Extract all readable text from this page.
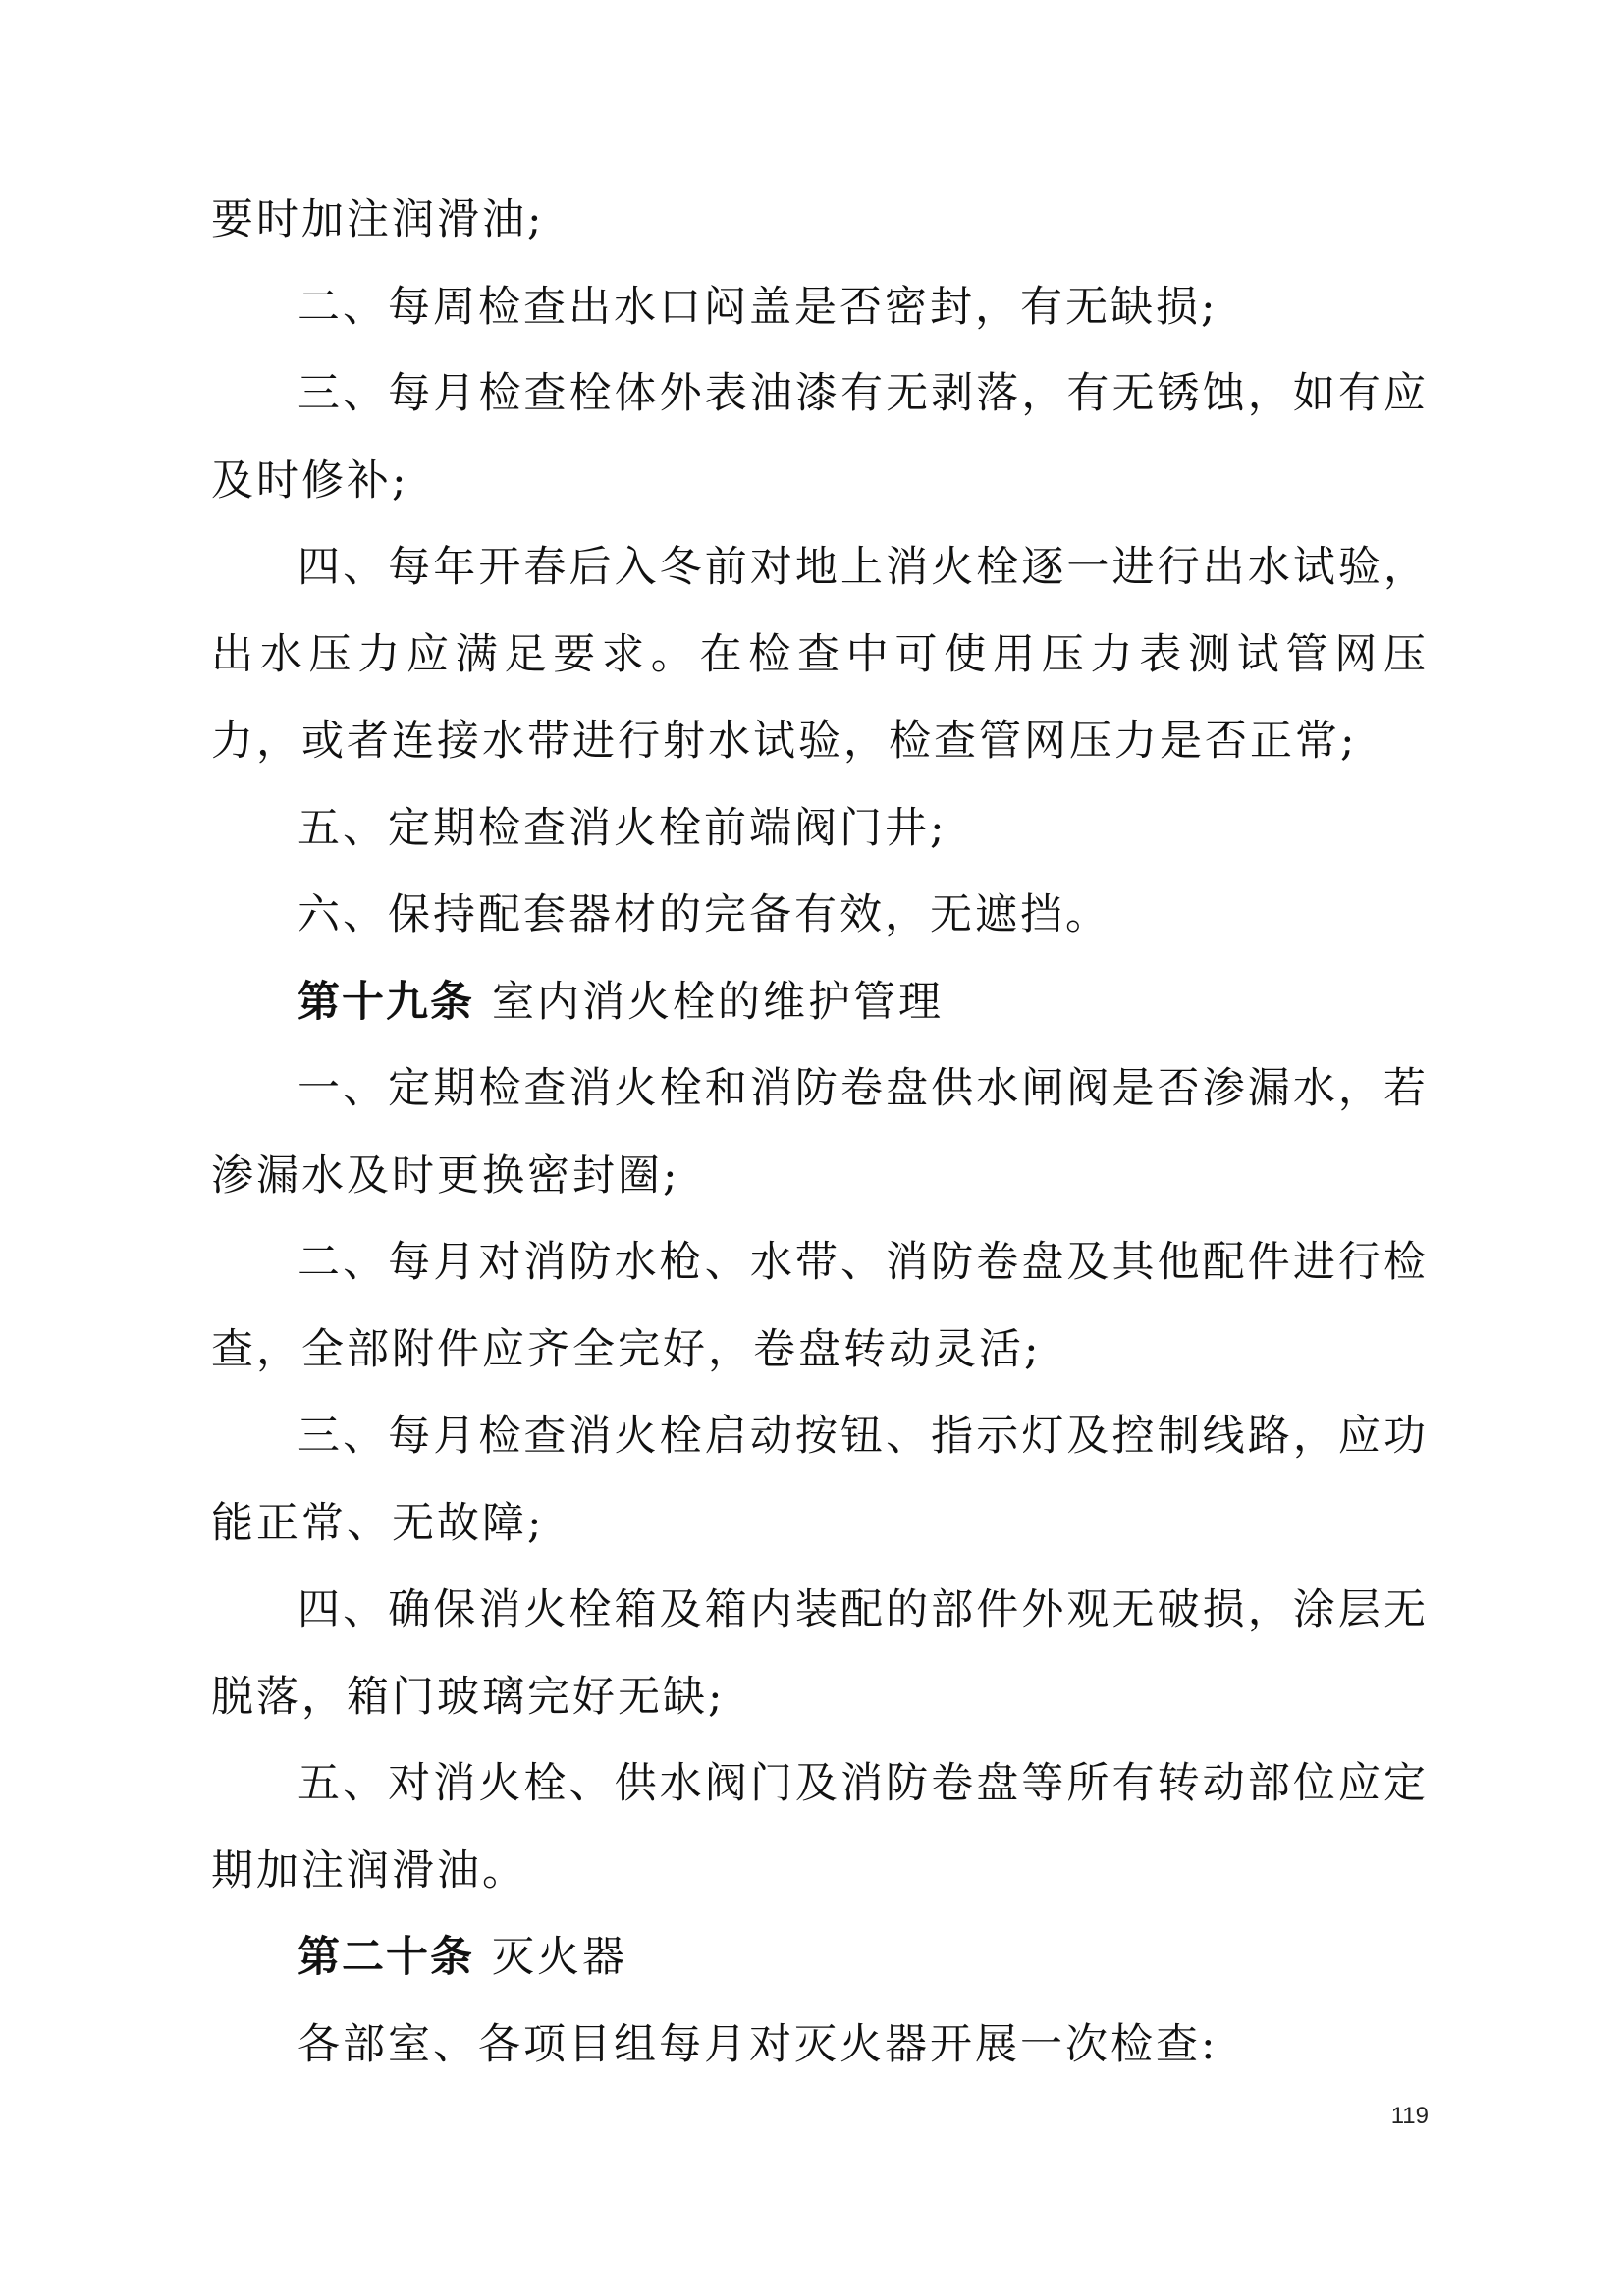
要时加注润滑油;

二、每周检查出水口闷盖是否密封，有无缺损;

三、每月检查栓体外表油漆有无剥落，有无锈蚀，如有应及时修补;

四、每年开春后入冬前对地上消火栓逐一进行出水试验，出水压力应满足要求。在检查中可使用压力表测试管网压力，或者连接水带进行射水试验，检查管网压力是否正常;

五、定期检查消火栓前端阀门井;

六、保持配套器材的完备有效，无遮挡。

第十九条 室内消火栓的维护管理

一、定期检查消火栓和消防卷盘供水闸阀是否渗漏水，若渗漏水及时更换密封圈;

二、每月对消防水枪、水带、消防卷盘及其他配件进行检查，全部附件应齐全完好，卷盘转动灵活;

三、每月检查消火栓启动按钮、指示灯及控制线路，应功能正常、无故障;

四、确保消火栓箱及箱内装配的部件外观无破损，涂层无脱落，箱门玻璃完好无缺;

五、对消火栓、供水阀门及消防卷盘等所有转动部位应定期加注润滑油。

第二十条 灭火器

各部室、各项目组每月对灭火器开展一次检查:

119
